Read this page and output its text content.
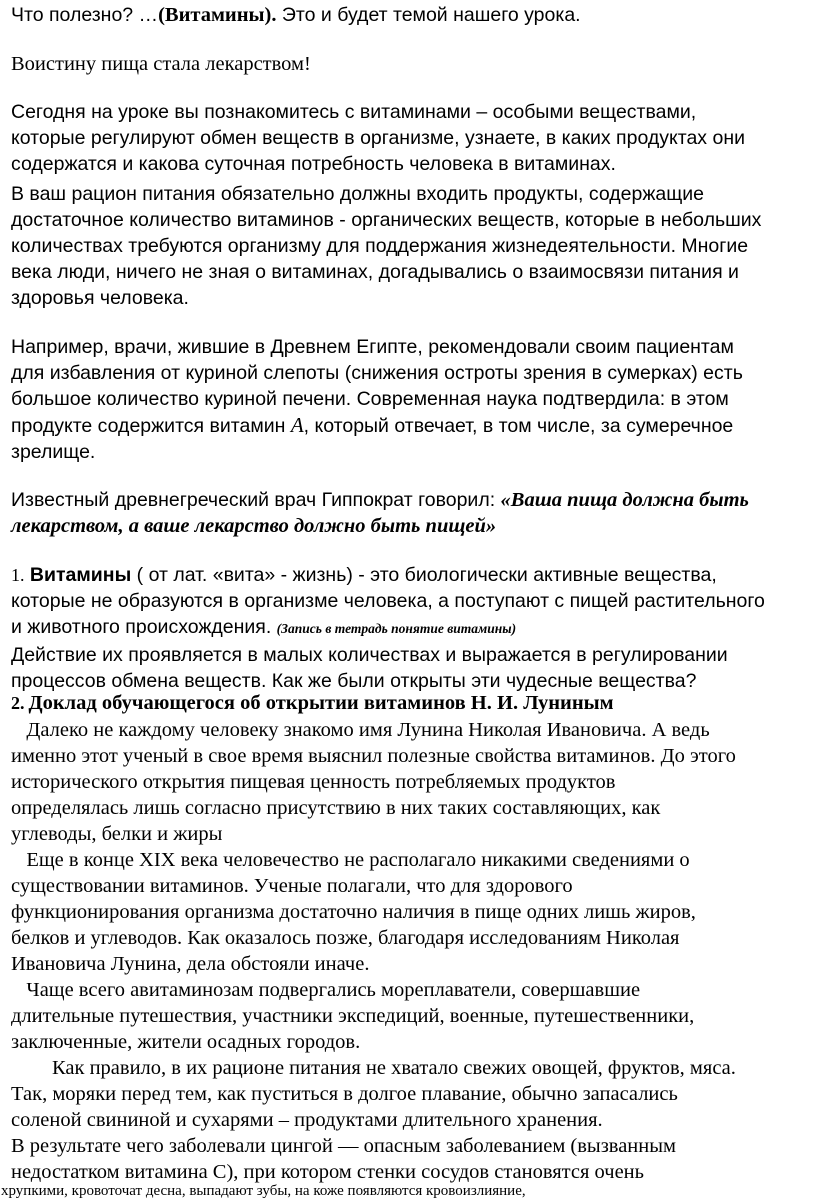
Что полезно? …(Витамины). Это и будет темой нашего урока.

Воистину пища стала лекарством!

Сегодня на уроке вы познакомитесь с витаминами – особыми веществами,

которые регулируют обмен веществ в организме, узнаете, в каких продуктах они

содержатся и какова суточная потребность человека в витаминах.

В ваш рацион питания обязательно должны входить продукты, содержащие

достаточное количество витаминов - органических веществ, которые в небольших

количествах требуются организму для поддержания жизнедеятельности. Многие

века люди, ничего не зная о витаминах, догадывались о взаимосвязи питания и

здоровья человека.

Например, врачи, жившие в Древнем Египте, рекомендовали своим пациентам

для избавления от куриной слепоты (снижения остроты зрения в сумерках) есть

большое количество куриной печени. Современная наука подтвердила: в этом

продукте содержится витамин А, который отвечает, в том числе, за сумеречное

зрелище.

Известный древнегреческий врач Гиппократ говорил: «Ваша пища должна быть

лекарством, а ваше лекарство должно быть пищей»

1. Витамины ( от лат. «вита» - жизнь) - это биологически активные вещества,

которые не образуются в организме человека, а поступают с пищей растительного

и животного происхождения. (Запись в тетрадь понятие витамины)

Действие их проявляется в малых количествах и выражается в регулировании

процессов обмена веществ. Как же были открыты эти чудесные вещества?

2. Доклад обучающегося об открытии витаминов Н. И. Луниным

Далеко не каждому человеку знакомо имя Лунина Николая Ивановича. А ведь

именно этот ученый в свое время выяснил полезные свойства витаминов. До этого

исторического открытия пищевая ценность потребляемых продуктов

определялась лишь согласно присутствию в них таких составляющих, как

углеводы, белки и жиры

Еще в конце XIX века человечество не располагало никакими сведениями о

существовании витаминов. Ученые полагали, что для здорового

функционирования организма достаточно наличия в пище одних лишь жиров,

белков и углеводов. Как оказалось позже, благодаря исследованиям Николая

Ивановича Лунина, дела обстояли иначе.

Чаще всего авитаминозам подвергались мореплаватели, совершавшие

длительные путешествия, участники экспедиций, военные, путешественники,

заключенные, жители осадных городов.

Как правило, в их рационе питания не хватало свежих овощей, фруктов, мяса.

Так, моряки перед тем, как пуститься в долгое плавание, обычно запасались

соленой свининой и сухарями – продуктами длительного хранения.

В результате чего заболевали цингой — опасным заболеванием (вызванным

недостатком витамина С), при котором стенки сосудов становятся очень

хрупкими, кровоточат десна, выпадают зубы, на коже появляются кровоизлияние,
